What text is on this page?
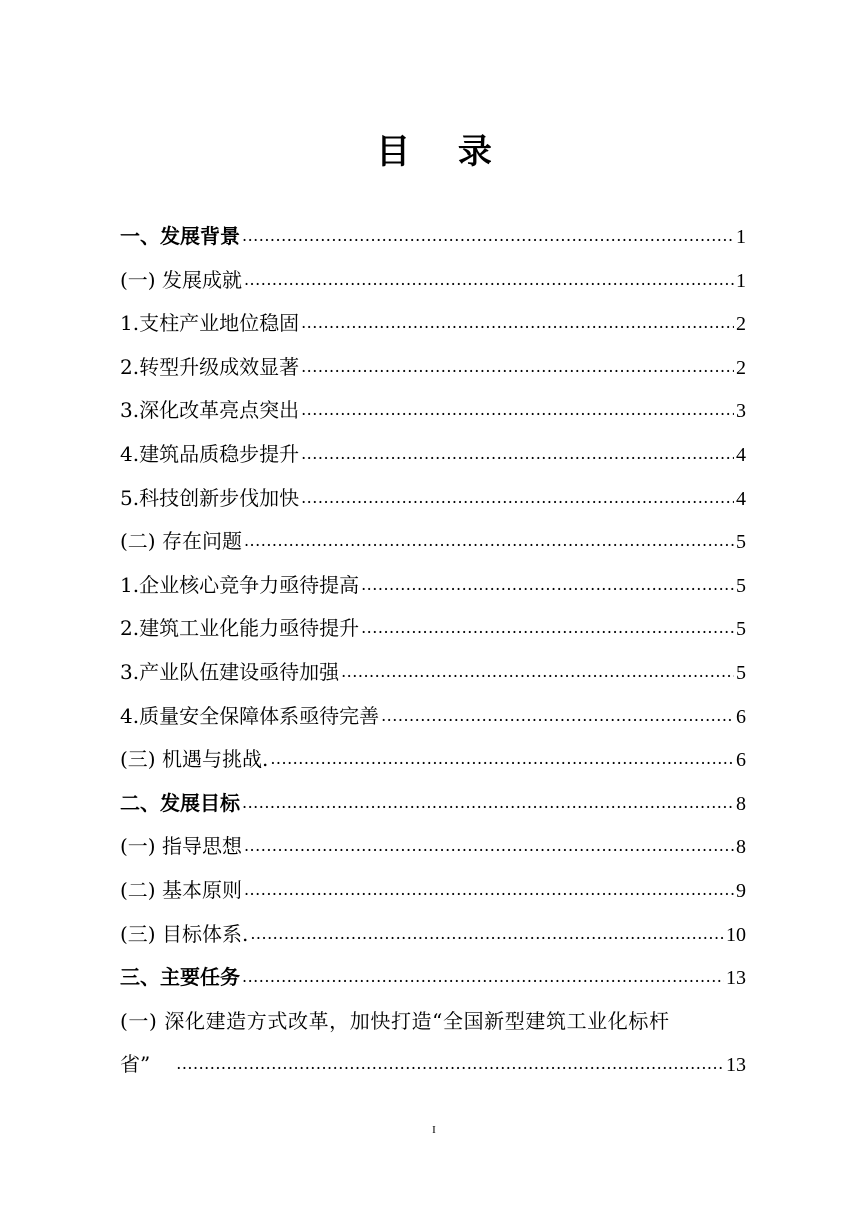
目 录
一、发展背景 .....	1
(一) 发展成就 .....	1
1.支柱产业地位稳固 .....	2
2.转型升级成效显著 .....	2
3.深化改革亮点突出 .....	3
4.建筑品质稳步提升 .....	4
5.科技创新步伐加快 .....	4
(二) 存在问题 .....	5
1.企业核心竞争力亟待提高 .....	5
2.建筑工业化能力亟待提升 .....	5
3.产业队伍建设亟待加强 .....	5
4.质量安全保障体系亟待完善 .....	6
(三) 机遇与挑战. .....	6
二、发展目标 .....	8
(一) 指导思想 .....	8
(二) 基本原则 .....	9
(三) 目标体系. .....	10
三、主要任务 .....	13
(一) 深化建造方式改革，加快打造“全国新型建筑工业化标杆
省” .....	13
I
